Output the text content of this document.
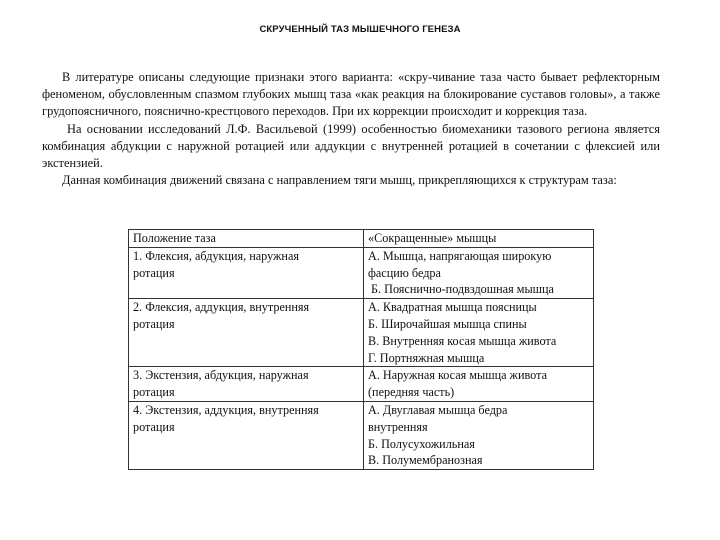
СКРУЧЕННЫЙ ТАЗ МЫШЕЧНОГО ГЕНЕЗА

В литературе описаны следующие признаки этого варианта: «скру-чивание таза часто бывает рефлекторным феноменом, обусловленным спазмом глубоких мышц таза «как реакция на блокирование суставов головы», а также грудопоясничного, пояснично-крестцового переходов. При их коррекции происходит и коррекция таза.

На основании исследований Л.Ф. Васильевой (1999) особенностью биомеханики тазового региона является комбинация абдукции с наружной ротацией или аддукции с внутренней ротацией в сочетании с флексией или экстензией.

Данная комбинация движений связана с направлением тяги мышц, прикрепляющихся к структурам таза:

Положение таза	«Сокращенные» мышцы

1. Флексия, абдукция, наружная
ротация	А. Мышца, напрягающая широкую
фасцию бедра
Б. Пояснично-подвздошная мышца

2. Флексия, аддукция, внутренняя
ротация	А. Квадратная мышца поясницы
Б. Широчайшая мышца спины
В. Внутренняя косая мышца живота
Г. Портняжная мышца

3. Экстензия, абдукция, наружная
ротация	А. Наружная косая мышца живота
(передняя часть)

4. Экстензия, аддукция, внутренняя
ротация	А. Двуглавая мышца бедра
внутренняя
Б. Полусухожильная
В. Полумембранозная
